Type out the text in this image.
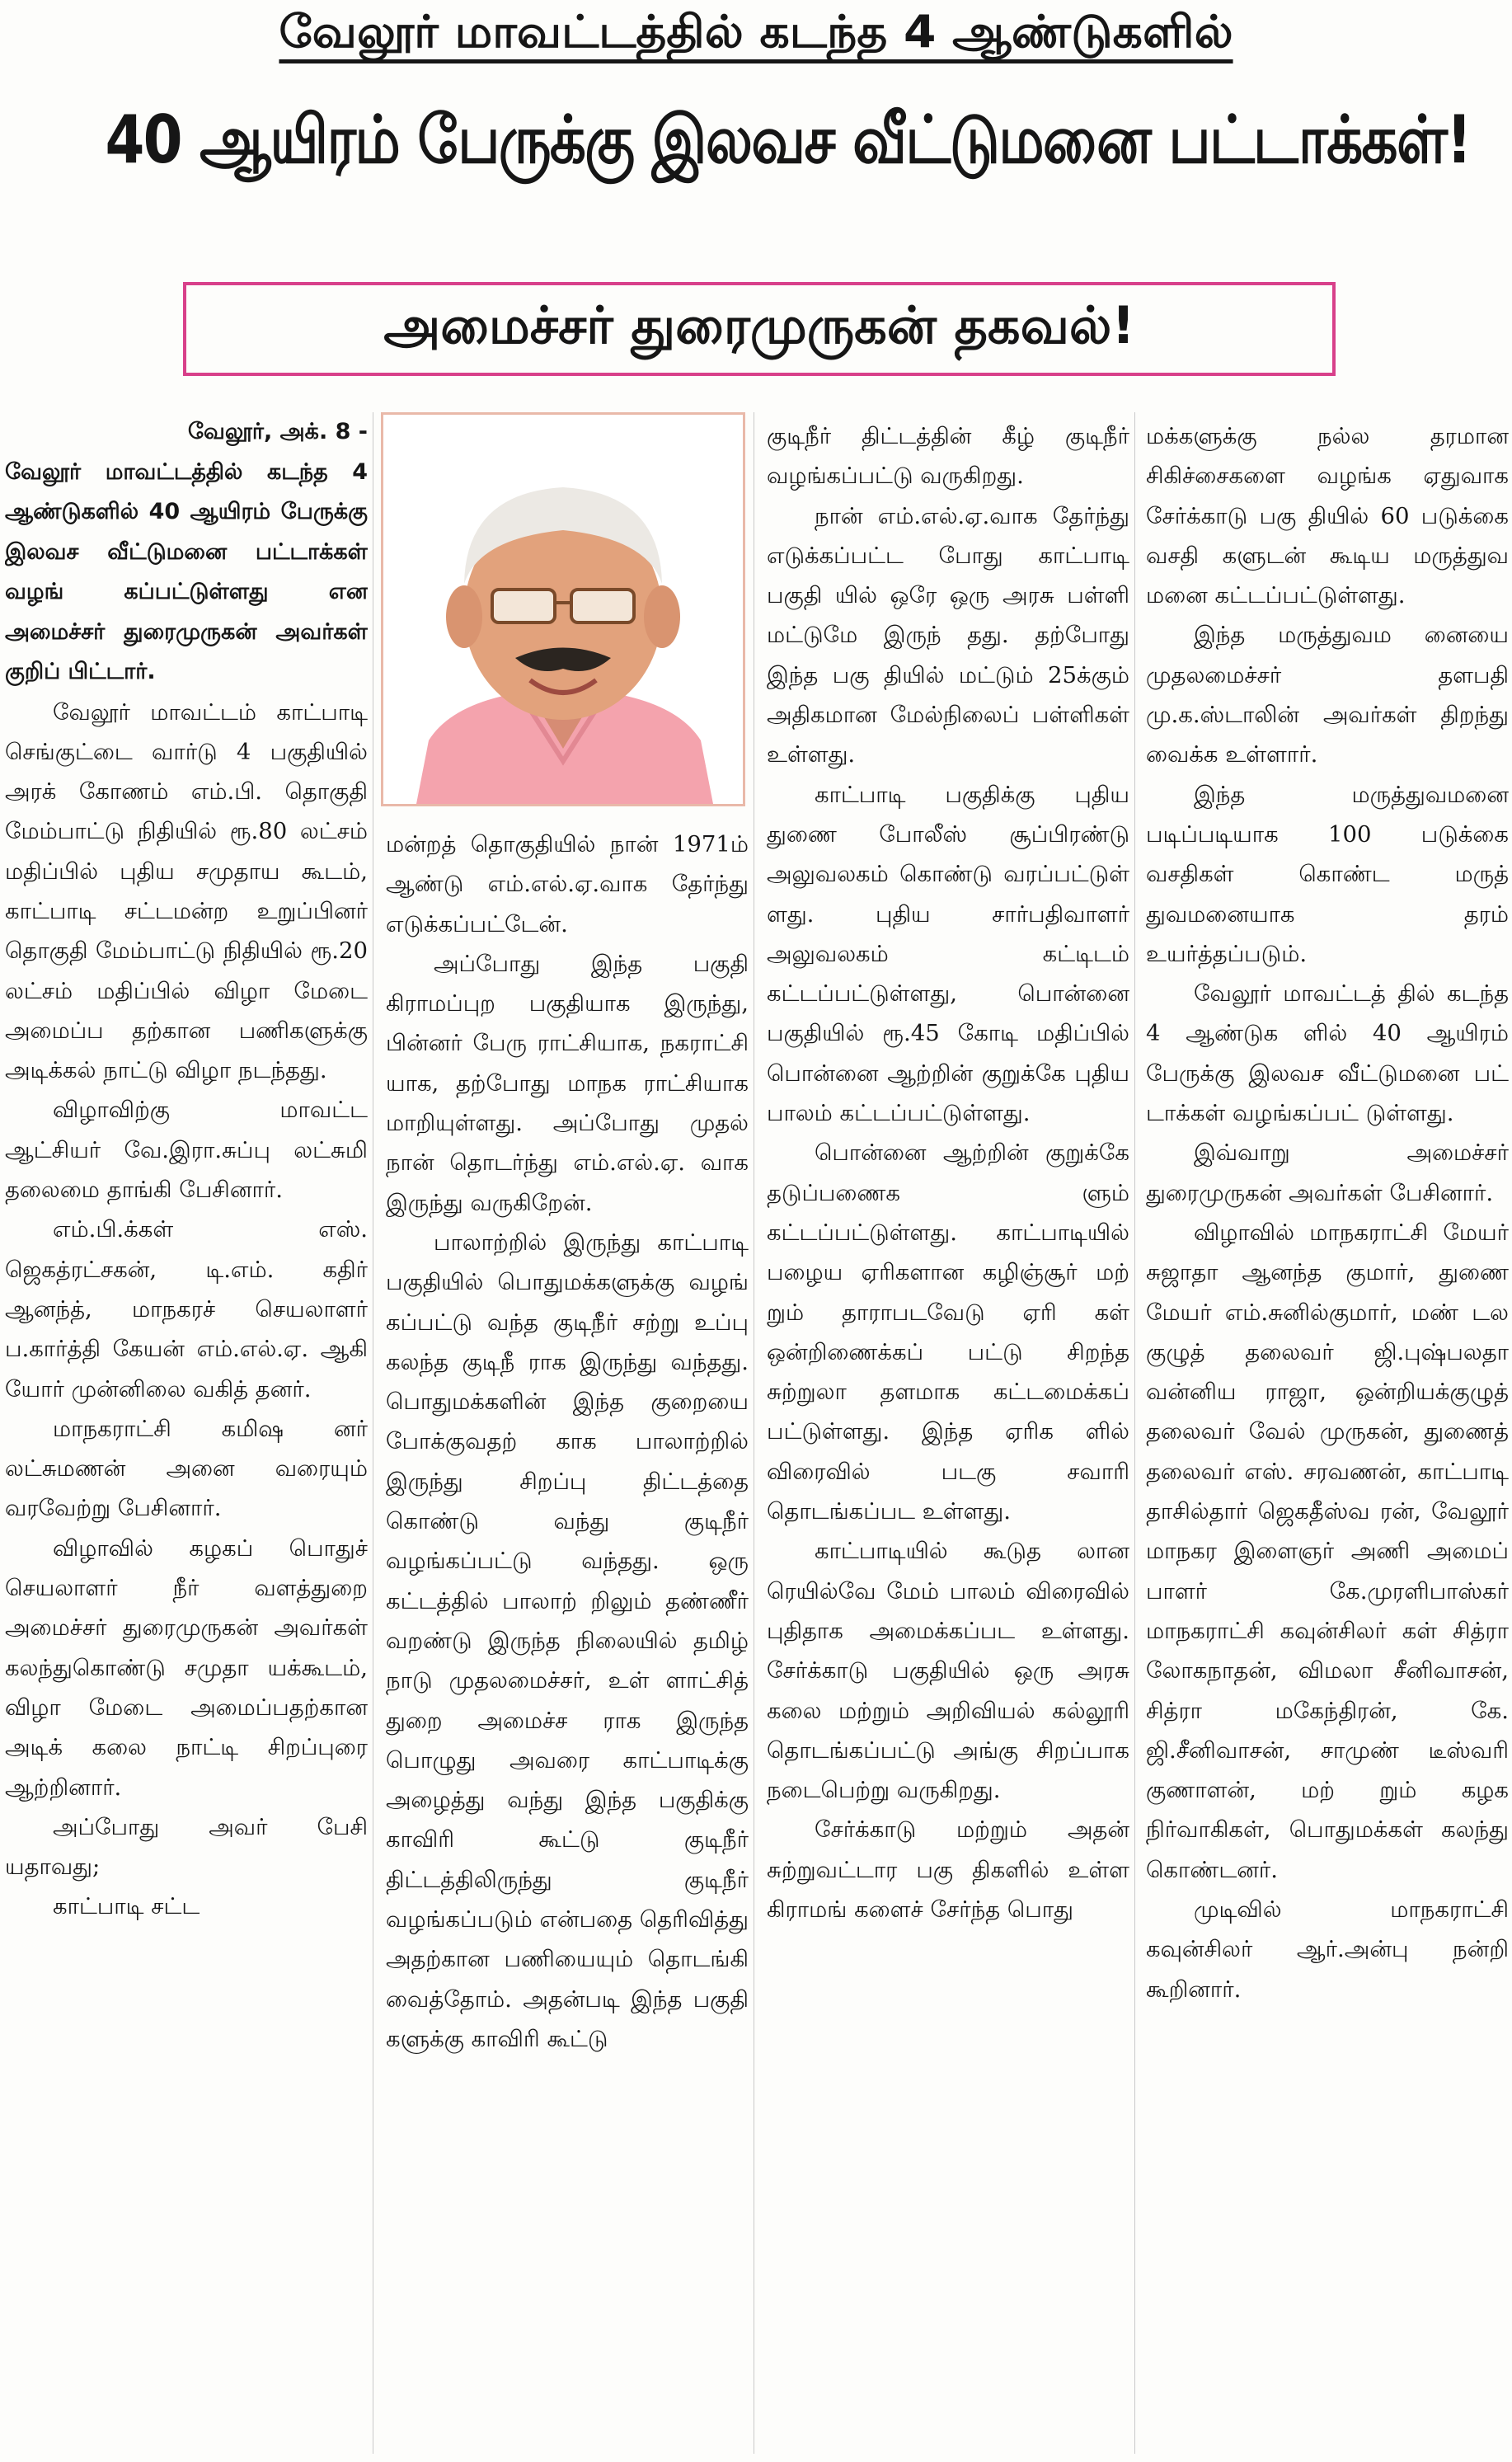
வேலூர் மாவட்டத்தில் கடந்த 4 ஆண்டுகளில்
40 ஆயிரம் பேருக்கு இலவச வீட்டுமனை பட்டாக்கள்!
அமைச்சர் துரைமுருகன் தகவல்!

வேலூர், அக். 8 -

வேலூர் மாவட்டத்தில் கடந்த 4 ஆண்டுகளில் 40 ஆயிரம் பேருக்கு இலவச வீட்டுமனை பட்டாக்கள் வழங் கப்பட்டுள்ளது என அமைச்சர் துரைமுருகன் அவர்கள் குறிப் பிட்டார்.

வேலூர் மாவட்டம் காட்பாடி செங்குட்டை வார்டு 4 பகுதியில் அரக் கோணம் எம்.பி. தொகுதி மேம்பாட்டு நிதியில் ரூ.80 லட்சம் மதிப்பில் புதிய சமுதாய கூடம், காட்பாடி சட்டமன்ற உறுப்பினர் தொகுதி மேம்பாட்டு நிதியில் ரூ.20 லட்சம் மதிப்பில் விழா மேடை அமைப்ப தற்கான பணிகளுக்கு அடிக்கல் நாட்டு விழா நடந்தது.

விழாவிற்கு மாவட்ட ஆட்சியர் வே.இரா.சுப்பு லட்சுமி தலைமை தாங்கி பேசினார்.

எம்.பி.க்கள் எஸ். ஜெகத்ரட்சகன், டி.எம். கதிர் ஆனந்த், மாநகரச் செயலாளர் ப.கார்த்தி கேயன் எம்.எல்.ஏ. ஆகி யோர் முன்னிலை வகித் தனர்.

மாநகராட்சி கமிஷ னர் லட்சுமணன் அனை வரையும் வரவேற்று பேசினார்.

விழாவில் கழகப் பொதுச் செயலாளர் நீர் வளத்துறை அமைச்சர் துரைமுருகன் அவர்கள் கலந்துகொண்டு சமுதா யக்கூடம், விழா மேடை அமைப்பதற்கான அடிக் கலை நாட்டி சிறப்புரை ஆற்றினார்.

அப்போது அவர் பேசி யதாவது;

காட்பாடி சட்ட

மன்றத் தொகுதியில் நான் 1971ம் ஆண்டு எம்.எல்.ஏ.வாக தேர்ந்து எடுக்கப்பட்டேன்.

அப்போது இந்த பகுதி கிராமப்புற பகுதியாக இருந்து, பின்னர் பேரு ராட்சியாக, நகராட்சி யாக, தற்போது மாநக ராட்சியாக மாறியுள்ளது. அப்போது முதல் நான் தொடர்ந்து எம்.எல்.ஏ. வாக இருந்து வருகிறேன்.

பாலாற்றில் இருந்து காட்பாடி பகுதியில் பொதுமக்களுக்கு வழங் கப்பட்டு வந்த குடிநீர் சற்று உப்பு கலந்த குடிநீ ராக இருந்து வந்தது. பொதுமக்களின் இந்த குறையை போக்குவதற் காக பாலாற்றில் இருந்து சிறப்பு திட்டத்தை கொண்டு வந்து குடிநீர் வழங்கப்பட்டு வந்தது. ஒரு கட்டத்தில் பாலாற் றிலும் தண்ணீர் வறண்டு இருந்த நிலையில் தமிழ் நாடு முதலமைச்சர், உள் ளாட்சித் துறை அமைச்ச ராக இருந்த பொழுது அவரை காட்பாடிக்கு அழைத்து வந்து இந்த பகுதிக்கு காவிரி கூட்டு குடிநீர் திட்டத்திலிருந்து குடிநீர் வழங்கப்படும் என்பதை தெரிவித்து அதற்கான பணியையும் தொடங்கி வைத்தோம். அதன்படி இந்த பகுதி களுக்கு காவிரி கூட்டு

குடிநீர் திட்டத்தின் கீழ் குடிநீர் வழங்கப்பட்டு வருகிறது.

நான் எம்.எல்.ஏ.வாக தேர்ந்து எடுக்கப்பட்ட போது காட்பாடி பகுதி யில் ஒரே ஒரு அரசு பள்ளி மட்டுமே இருந் தது. தற்போது இந்த பகு தியில் மட்டும் 25க்கும் அதிகமான மேல்நிலைப் பள்ளிகள் உள்ளது.

காட்பாடி பகுதிக்கு புதிய துணை போலீஸ் சூப்பிரண்டு அலுவலகம் கொண்டு வரப்பட்டுள் ளது. புதிய சார்பதிவாளர் அலுவலகம் கட்டிடம் கட்டப்பட்டுள்ளது, பொன்னை பகுதியில் ரூ.45 கோடி மதிப்பில் பொன்னை ஆற்றின் குறுக்கே புதிய பாலம் கட்டப்பட்டுள்ளது.

பொன்னை ஆற்றின் குறுக்கே தடுப்பணைக ளும் கட்டப்பட்டுள்ளது. காட்பாடியில் பழைய ஏரிகளான கழிஞ்சூர் மற் றும் தாராபடவேடு ஏரி கள் ஒன்றிணைக்கப் பட்டு சிறந்த சுற்றுலா தளமாக கட்டமைக்கப் பட்டுள்ளது. இந்த ஏரிக ளில் விரைவில் படகு சவாரி தொடங்கப்பட உள்ளது.

காட்பாடியில் கூடுத லான ரெயில்வே மேம் பாலம் விரைவில் புதிதாக அமைக்கப்பட உள்ளது. சேர்க்காடு பகுதியில் ஒரு அரசு கலை மற்றும் அறிவியல் கல்லூரி தொடங்கப்பட்டு அங்கு சிறப்பாக நடைபெற்று வருகிறது.

சேர்க்காடு மற்றும் அதன் சுற்றுவட்டார பகு திகளில் உள்ள கிராமங் களைச் சேர்ந்த பொது

மக்களுக்கு நல்ல தரமான சிகிச்சைகளை வழங்க ஏதுவாக சேர்க்காடு பகு தியில் 60 படுக்கை வசதி களுடன் கூடிய மருத்துவ மனை கட்டப்பட்டுள்ளது.

இந்த மருத்துவம னையை முதலமைச்சர் தளபதி மு.க.ஸ்டாலின் அவர்கள் திறந்து வைக்க உள்ளார்.

இந்த மருத்துவமனை படிப்படியாக 100 படுக்கை வசதிகள் கொண்ட மருத் துவமனையாக தரம் உயர்த்தப்படும்.

வேலூர் மாவட்டத் தில் கடந்த 4 ஆண்டுக ளில் 40 ஆயிரம் பேருக்கு இலவச வீட்டுமனை பட் டாக்கள் வழங்கப்பட் டுள்ளது.

இவ்வாறு அமைச்சர் துரைமுருகன் அவர்கள் பேசினார்.

விழாவில் மாநகராட்சி மேயர் சுஜாதா ஆனந்த குமார், துணை மேயர் எம்.சுனில்குமார், மண் டல குழுத் தலைவர் ஜி.புஷ்பலதா வன்னிய ராஜா, ஒன்றியக்குழுத் தலைவர் வேல் முருகன், துணைத் தலைவர் எஸ். சரவணன், காட்பாடி தாசில்தார் ஜெகதீஸ்வ ரன், வேலூர் மாநகர இளைஞர் அணி அமைப் பாளர் கே.முரளிபாஸ்கர் மாநகராட்சி கவுன்சிலர் கள் சித்ரா லோகநாதன், விமலா சீனிவாசன், சித்ரா மகேந்திரன், கே. ஜி.சீனிவாசன், சாமுண் டீஸ்வரி குணாளன், மற் றும் கழக நிர்வாகிகள், பொதுமக்கள் கலந்து கொண்டனர்.

முடிவில் மாநகராட்சி கவுன்சிலர் ஆர்.அன்பு நன்றி கூறினார்.
